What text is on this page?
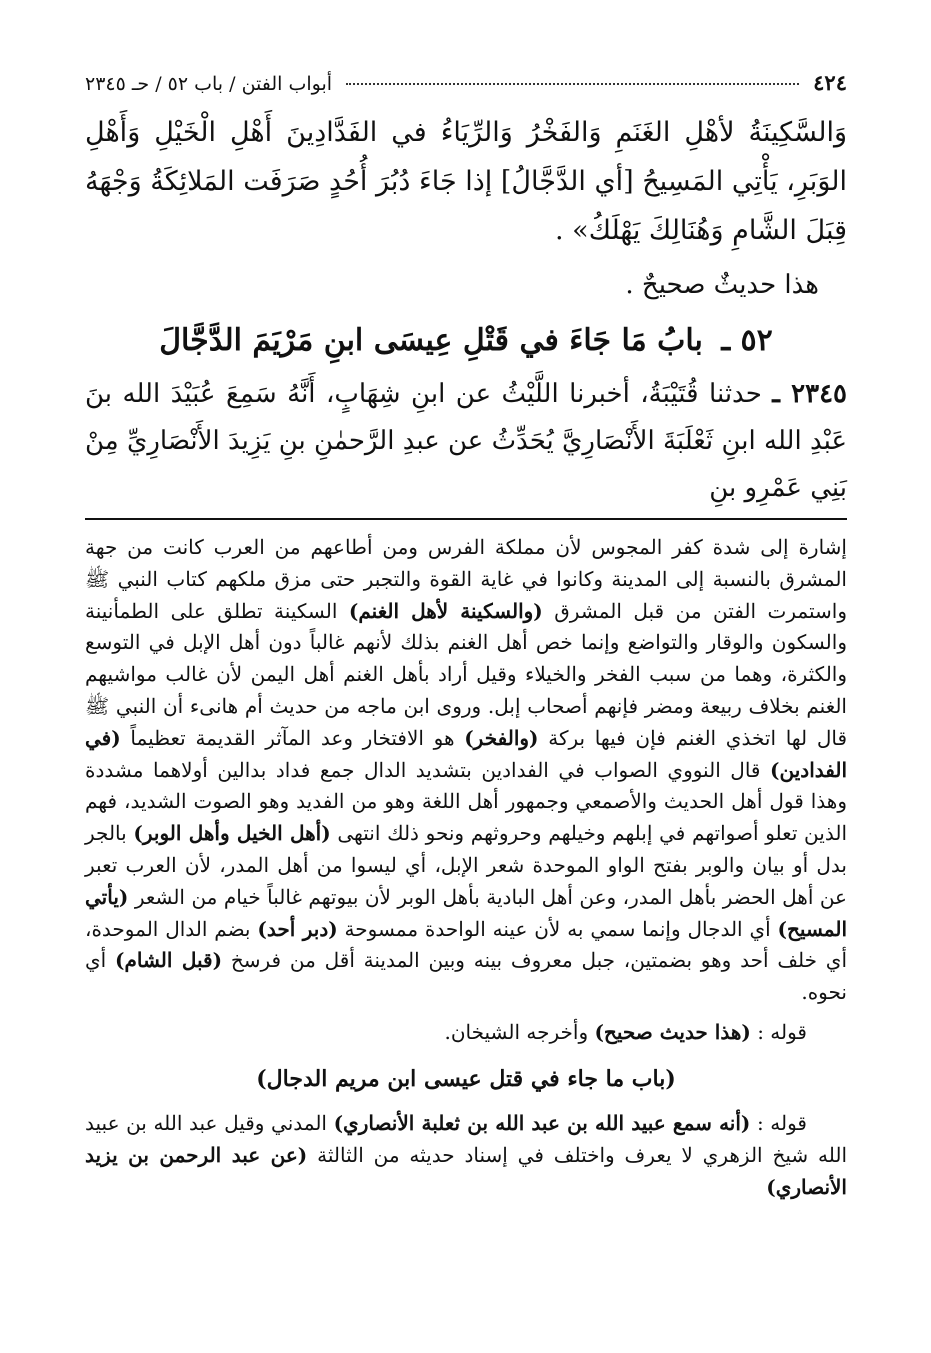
٤٢٤
أبواب الفتن / باب ٥٢ / حـ ٢٣٤٥

وَالسَّكِينَةُ لأهْلِ الغَنَمِ وَالفَخْرُ وَالرِّيَاءُ في الفَدَّادِينَ أَهْلِ الْخَيْلِ وَأَهْلِ الوَبَرِ، يَأْتِي المَسِيحُ [أي الدَّجَّالُ] إذا جَاءَ دُبُرَ أُحُدٍ صَرَفَت المَلائِكَةُ وَجْهَهُ قِبَلَ الشَّامِ وَهُنَالِكَ يَهْلَكُ» .

هذا حديثٌ صحيحٌ .

٥٢ ـ بابُ مَا جَاءَ في قَتْلِ عِيسَى ابنِ مَرْيَمَ الدَّجَّالَ

٢٣٤٥ ـ حدثنا قُتَيْبَةُ، أخبرنا اللَّيْثُ عن ابنِ شِهَابٍ، أَنَّهُ سَمِعَ عُبَيْدَ الله بنَ عَبْدِ الله ابنِ ثَعْلَبَةَ الأَنْصَارِيَّ يُحَدِّثُ عن عبدِ الرَّحمٰنِ بنِ يَزِيدَ الأَنْصَارِيِّ مِنْ بَنِي عَمْرِو بنِ

إشارة إلى شدة كفر المجوس لأن مملكة الفرس ومن أطاعهم من العرب كانت من جهة المشرق بالنسبة إلى المدينة وكانوا في غاية القوة والتجبر حتى مزق ملكهم كتاب النبي ﷺ واستمرت الفتن من قبل المشرق (والسكينة لأهل الغنم) السكينة تطلق على الطمأنينة والسكون والوقار والتواضع وإنما خص أهل الغنم بذلك لأنهم غالباً دون أهل الإبل في التوسع والكثرة، وهما من سبب الفخر والخيلاء وقيل أراد بأهل الغنم أهل اليمن لأن غالب مواشيهم الغنم بخلاف ربيعة ومضر فإنهم أصحاب إبل. وروى ابن ماجه من حديث أم هانىء أن النبي ﷺ قال لها اتخذي الغنم فإن فيها بركة (والفخر) هو الافتخار وعد المآثر القديمة تعظيماً (في الفدادين) قال النووي الصواب في الفدادين بتشديد الدال جمع فداد بدالين أولاهما مشددة وهذا قول أهل الحديث والأصمعي وجمهور أهل اللغة وهو من الفديد وهو الصوت الشديد، فهم الذين تعلو أصواتهم في إبلهم وخيلهم وحروثهم ونحو ذلك انتهى (أهل الخيل وأهل الوبر) بالجر بدل أو بيان والوبر بفتح الواو الموحدة شعر الإبل، أي ليسوا من أهل المدر، لأن العرب تعبر عن أهل الحضر بأهل المدر، وعن أهل البادية بأهل الوبر لأن بيوتهم غالباً خيام من الشعر (يأتي المسيح) أي الدجال وإنما سمي به لأن عينه الواحدة ممسوحة (دبر أحد) بضم الدال الموحدة، أي خلف أحد وهو بضمتين، جبل معروف بينه وبين المدينة أقل من فرسخ (قبل الشام) أي نحوه.

قوله : (هذا حديث صحيح) وأخرجه الشيخان.

(باب ما جاء في قتل عيسى ابن مريم الدجال)

قوله : (أنه سمع عبيد الله بن عبد الله بن ثعلبة الأنصاري) المدني وقيل عبد الله بن عبيد الله شيخ الزهري لا يعرف واختلف في إسناد حديثه من الثالثة (عن عبد الرحمن بن يزيد الأنصاري)
